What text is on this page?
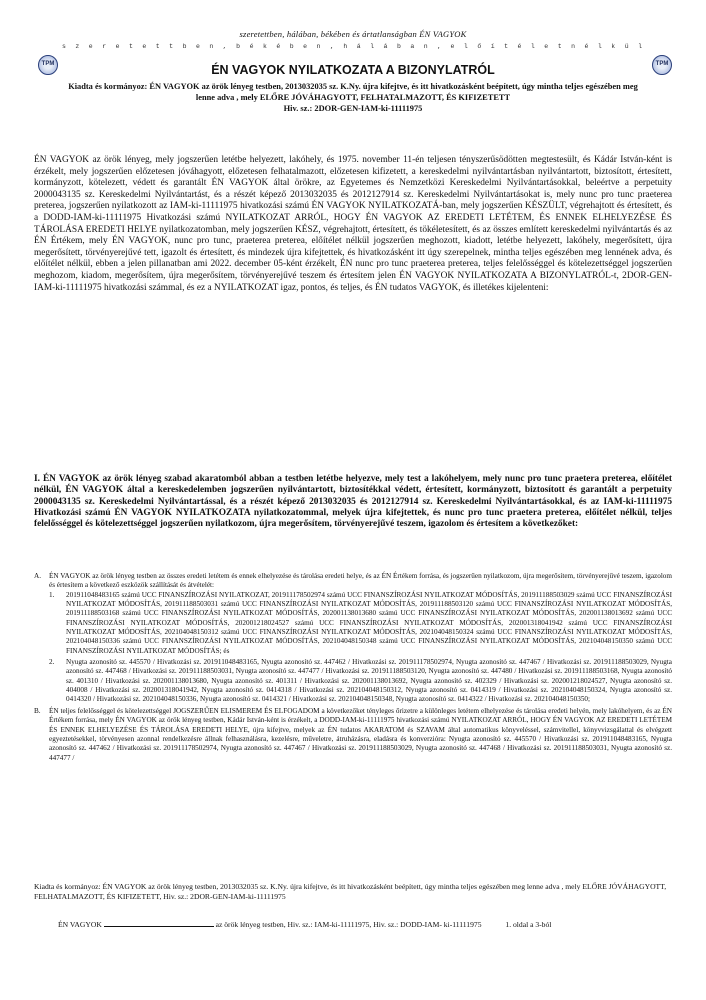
szeretettben, hálában, békében és ártatlanságban ÉN VAGYOK
s z e r e t e t t b e n , b é k é b e n , h á l á b a n , e l ő í t é l e t n é l k ü l
TPM	TPM
ÉN VAGYOK NYILATKOZATA A BIZONYLATRÓL
Kiadta és kormányoz: ÉN VAGYOK az örök lényeg testben, 2013032035 sz. K.Ny. újra kifejtve, és itt hivatkozásként beépített, úgy mintha teljes egészében meg lenne adva , mely ELŐRE JÓVÁHAGYOTT, FELHATALMAZOTT, ÉS KIFIZETETT
Hiv. sz.: 2DOR-GEN-IAM-ki-11111975
ÉN VAGYOK az örök lényeg, mely jogszerűen letétbe helyezett, lakóhely, és 1975. november 11-én teljesen tényszerűsödötten megtestesült, és Kádár István-ként is érzékelt, mely jogszerűen előzetesen jóváhagyott, előzetesen felhatalmazott, előzetesen kifizetett, a kereskedelmi nyilvántartásban nyilvántartott, biztosított, értesített, kormányzott, kötelezett, védett és garantált ÉN VAGYOK által örökre, az Egyetemes és Nemzetközi Kereskedelmi Nyilvántartásokkal, beleértve a perpetuity 2000043135 sz. Kereskedelmi Nyilvántartást, és a részét képező 2013032035 és 2012127914 sz. Kereskedelmi Nyilvántartásokat is, mely nunc pro tunc praeterea preterea, jogszerűen nyilatkozott az IAM-ki-11111975 hivatkozási számú ÉN VAGYOK NYILATKOZATÁ-ban, mely jogszerűen KÉSZÜLT, végrehajtott és értesített, és a DODD-IAM-ki-11111975 Hivatkozási számú NYILATKOZAT ARRÓL, HOGY ÉN VAGYOK AZ EREDETI LETÉTEM, ÉS ENNEK ELHELYEZÉSE ÉS TÁROLÁSA EREDETI HELYE nyilatkozatomban, mely jogszerűen KÉSZ, végrehajtott, értesített, és tökéletesített, és az összes említett kereskedelmi nyilvántartás és az ÉN Értékem, mely ÉN VAGYOK, nunc pro tunc, praeterea preterea, előítélet nélkül jogszerűen meghozott, kiadott, letétbe helyezett, lakóhely, megerősített, újra megerősített, törvényerejűvé tett, igazolt és értesített, és mindezek újra kifejtettek, és hivatkozásként itt úgy szerepelnek, mintha teljes egészében meg lennének adva, és előítélet nélkül, ebben a jelen pillanatban ami 2022. december 05-ként érzékelt, ÉN nunc pro tunc praeterea preterea, teljes felelősséggel és kötelezettséggel jogszerűen meghozom, kiadom, megerősítem, újra megerősítem, törvényerejűvé teszem és értesítem jelen ÉN VAGYOK NYILATKOZATA A BIZONYLATRÓL-t, 2DOR-GEN-IAM-ki-11111975 hivatkozási számmal, és ez a NYILATKOZAT igaz, pontos, és teljes, és ÉN tudatos VAGYOK, és illetékes kijelenteni:
I. ÉN VAGYOK az örök lényeg szabad akaratomból abban a testben letétbe helyezve, mely test a lakóhelyem, mely nunc pro tunc praetera preterea, előítélet nélkül, ÉN VAGYOK által a kereskedelemben jogszerűen nyilvántartott, biztosítékkal védett, értesített, kormányzott, biztosított és garantált a perpetuity 2000043135 sz. Kereskedelmi Nyilvántartással, és a részét képező 2013032035 és 2012127914 sz. Kereskedelmi Nyilvántartásokkal, és az IAM-ki-11111975 Hivatkozási számú ÉN VAGYOK NYILATKOZATA nyilatkozatommal, melyek újra kifejtettek, és nunc pro tunc praetera preterea, előítélet nélkül, teljes felelősséggel és kötelezettséggel jogszerűen nyilatkozom, újra megerősítem, törvényerejűvé teszem, igazolom és értesítem a következőket:
A. ÉN VAGYOK az örök lényeg testben az összes eredeti letétem és ennek elhelyezése és tárolása eredeti helye, és az ÉN Értékem forrása, és jogszerűen nyilatkozom, újra megerősítem, törvényerejűvé teszem, igazolom és értesítem a következő eszközök szállítását és átvételét:
1. 201911048483165 számú UCC FINANSZÍROZÁSI NYILATKOZAT, 201911178502974 számú UCC FINANSZÍROZÁSI NYILATKOZAT MÓDOSÍTÁS, 201911188503029 számú UCC FINANSZÍROZÁSI NYILATKOZAT MÓDOSÍTÁS, 201911188503031 számú UCC FINANSZÍROZÁSI NYILATKOZAT MÓDOSÍTÁS, 201911188503120 számú UCC FINANSZÍROZÁSI NYILATKOZAT MÓDOSÍTÁS, 201911188503168 számú UCC FINANSZÍROZÁSI NYILATKOZAT MÓDOSÍTÁS, 202001138013680 számú UCC FINANSZÍROZÁSI NYILATKOZAT MÓDOSÍTÁS, 202001138013692 számú UCC FINANSZÍROZÁSI NYILATKOZAT MÓDOSÍTÁS, 202001218024527 számú UCC FINANSZÍROZÁSI NYILATKOZAT MÓDOSÍTÁS, 202001318041942 számú UCC FINANSZÍROZÁSI NYILATKOZAT MÓDOSÍTÁS, 202104048150312 számú UCC FINANSZÍROZÁSI NYILATKOZAT MÓDOSÍTÁS, 202104048150324 számú UCC FINANSZÍROZÁSI NYILATKOZAT MÓDOSÍTÁS, 202104048150336 számú UCC FINANSZÍROZÁSI NYILATKOZAT MÓDOSÍTÁS, 202104048150348 számú UCC FINANSZÍROZÁSI NYILATKOZAT MÓDOSÍTÁS, 202104048150350 számú UCC FINANSZÍROZÁSI NYILATKOZAT MÓDOSÍTÁS; és
2. Nyugta azonosító sz. 445570 / Hivatkozási sz. 201911048483165, Nyugta azonosító sz. 447462 / Hivatkozási sz. 201911178502974, Nyugta azonosító sz. 447467 / Hivatkozási sz. 201911188503029, Nyugta azonosító sz. 447468 / Hivatkozási sz. 201911188503031, Nyugta azonosító sz. 447477 / Hivatkozási sz. 201911188503120, Nyugta azonosító sz. 447480 / Hivatkozási sz. 201911188503168, Nyugta azonosító sz. 401310 / Hivatkozási sz. 202001138013680, Nyugta azonosító sz. 401311 / Hivatkozási sz. 202001138013692, Nyugta azonosító sz. 402329 / Hivatkozási sz. 202001218024527, Nyugta azonosító sz. 404008 / Hivatkozási sz. 202001318041942, Nyugta azonosító sz. 0414318 / Hivatkozási sz. 202104048150312, Nyugta azonosító sz. 0414319 / Hivatkozási sz. 202104048150324, Nyugta azonosító sz. 0414320 / Hivatkozási sz. 202104048150336, Nyugta azonosító sz. 0414321 / Hivatkozási sz. 202104048150348, Nyugta azonosító sz. 0414322 / Hivatkozási sz. 202104048150350;
B. ÉN teljes felelősséggel és kötelezettséggel JOGSZERŰEN ELISMEREM ÉS ELFOGADOM a következőket tényleges őrizetre a különleges letétem elhelyezése és tárolása eredeti helyén, mely lakóhelyem, és az ÉN Értékem forrása, mely ÉN VAGYOK az örök lényeg testben, Kádár István-ként is érzékelt, a DODD-IAM-ki-11111975 hivatkozási számú NYILATKOZAT ARRÓL, HOGY ÉN VAGYOK AZ EREDETI LETÉTEM ÉS ENNEK ELHELYEZÉSE ÉS TÁROLÁSA EREDETI HELYE, újra kifejtve, melyek az ÉN tudatos AKARATOM és SZAVAM által automatikus könyveléssel, számvitellel, könyvvizsgálattal és elvégzett egyeztetésekkel, törvényesen azonnal rendelkezésre állnak felhasználásra, kezelésre, műveletre, átruházásra, eladásra és konverzióra: Nyugta azonosító sz. 445570 / Hivatkozási sz. 201911048483165, Nyugta azonosító sz. 447462 / Hivatkozási sz. 201911178502974, Nyugta azonosító sz. 447467 / Hivatkozási sz. 201911188503029, Nyugta azonosító sz. 447468 / Hivatkozási sz. 201911188503031, Nyugta azonosító sz. 447477 /
Kiadta és kormányoz: ÉN VAGYOK az örök lényeg testben, 2013032035 sz. K.Ny. újra kifejtve, és itt hivatkozásként beépített, úgy mintha teljes egészében meg lenne adva , mely ELŐRE JÓVÁHAGYOTT, FELHATALMAZOTT, ÉS KIFIZETETT, Hiv. sz.: 2DOR-GEN-IAM-ki-11111975
ÉN VAGYOK	az örök lényeg testben, Hiv. sz.: IAM-ki-11111975, Hiv. sz.: DODD-IAM- ki-11111975	1. oldal a 3-ból
